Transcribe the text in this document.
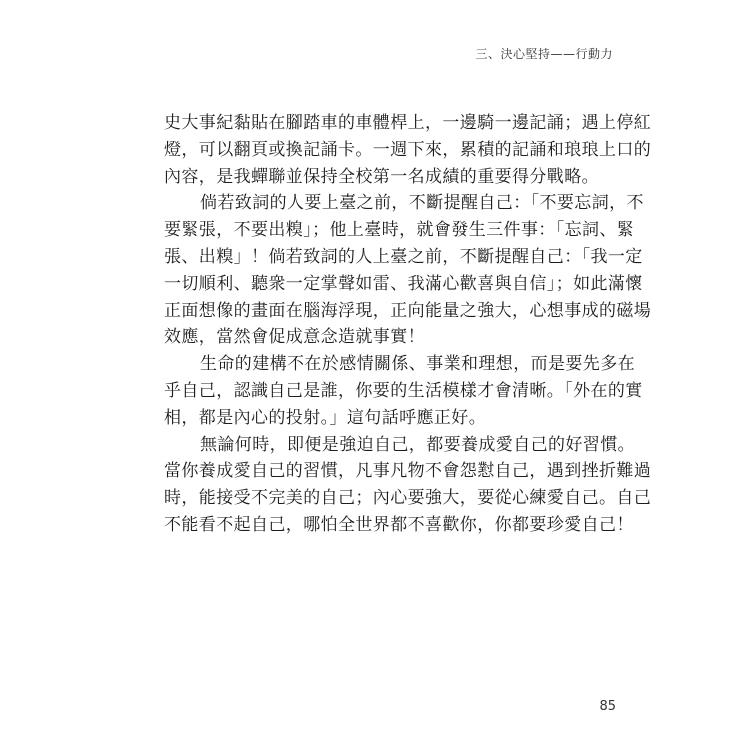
三、決心堅持——行動力
史大事紀黏貼在腳踏車的車體桿上，一邊騎一邊記誦；遇上停紅
燈，可以翻頁或換記誦卡。一週下來，累積的記誦和琅琅上口的
內容，是我蟬聯並保持全校第一名成績的重要得分戰略。
倘若致詞的人要上臺之前，不斷提醒自己：「不要忘詞，不
要緊張，不要出糗」；他上臺時，就會發生三件事：「忘詞、緊
張、出糗」！倘若致詞的人上臺之前，不斷提醒自己：「我一定
一切順利、聽衆一定掌聲如雷、我滿心歡喜與自信」；如此滿懷
正面想像的畫面在腦海浮現，正向能量之強大，心想事成的磁場
效應，當然會促成意念造就事實！
生命的建構不在於感情關係、事業和理想，而是要先多在
乎自己，認識自己是誰，你要的生活模樣才會清晰。「外在的實
相，都是內心的投射。」這句話呼應正好。
無論何時，即便是強迫自己，都要養成愛自己的好習慣。
當你養成愛自己的習慣，凡事凡物不會怨懟自己，遇到挫折難過
時，能接受不完美的自己；內心要強大，要從心練愛自己。自己
不能看不起自己，哪怕全世界都不喜歡你，你都要珍愛自己！
85
